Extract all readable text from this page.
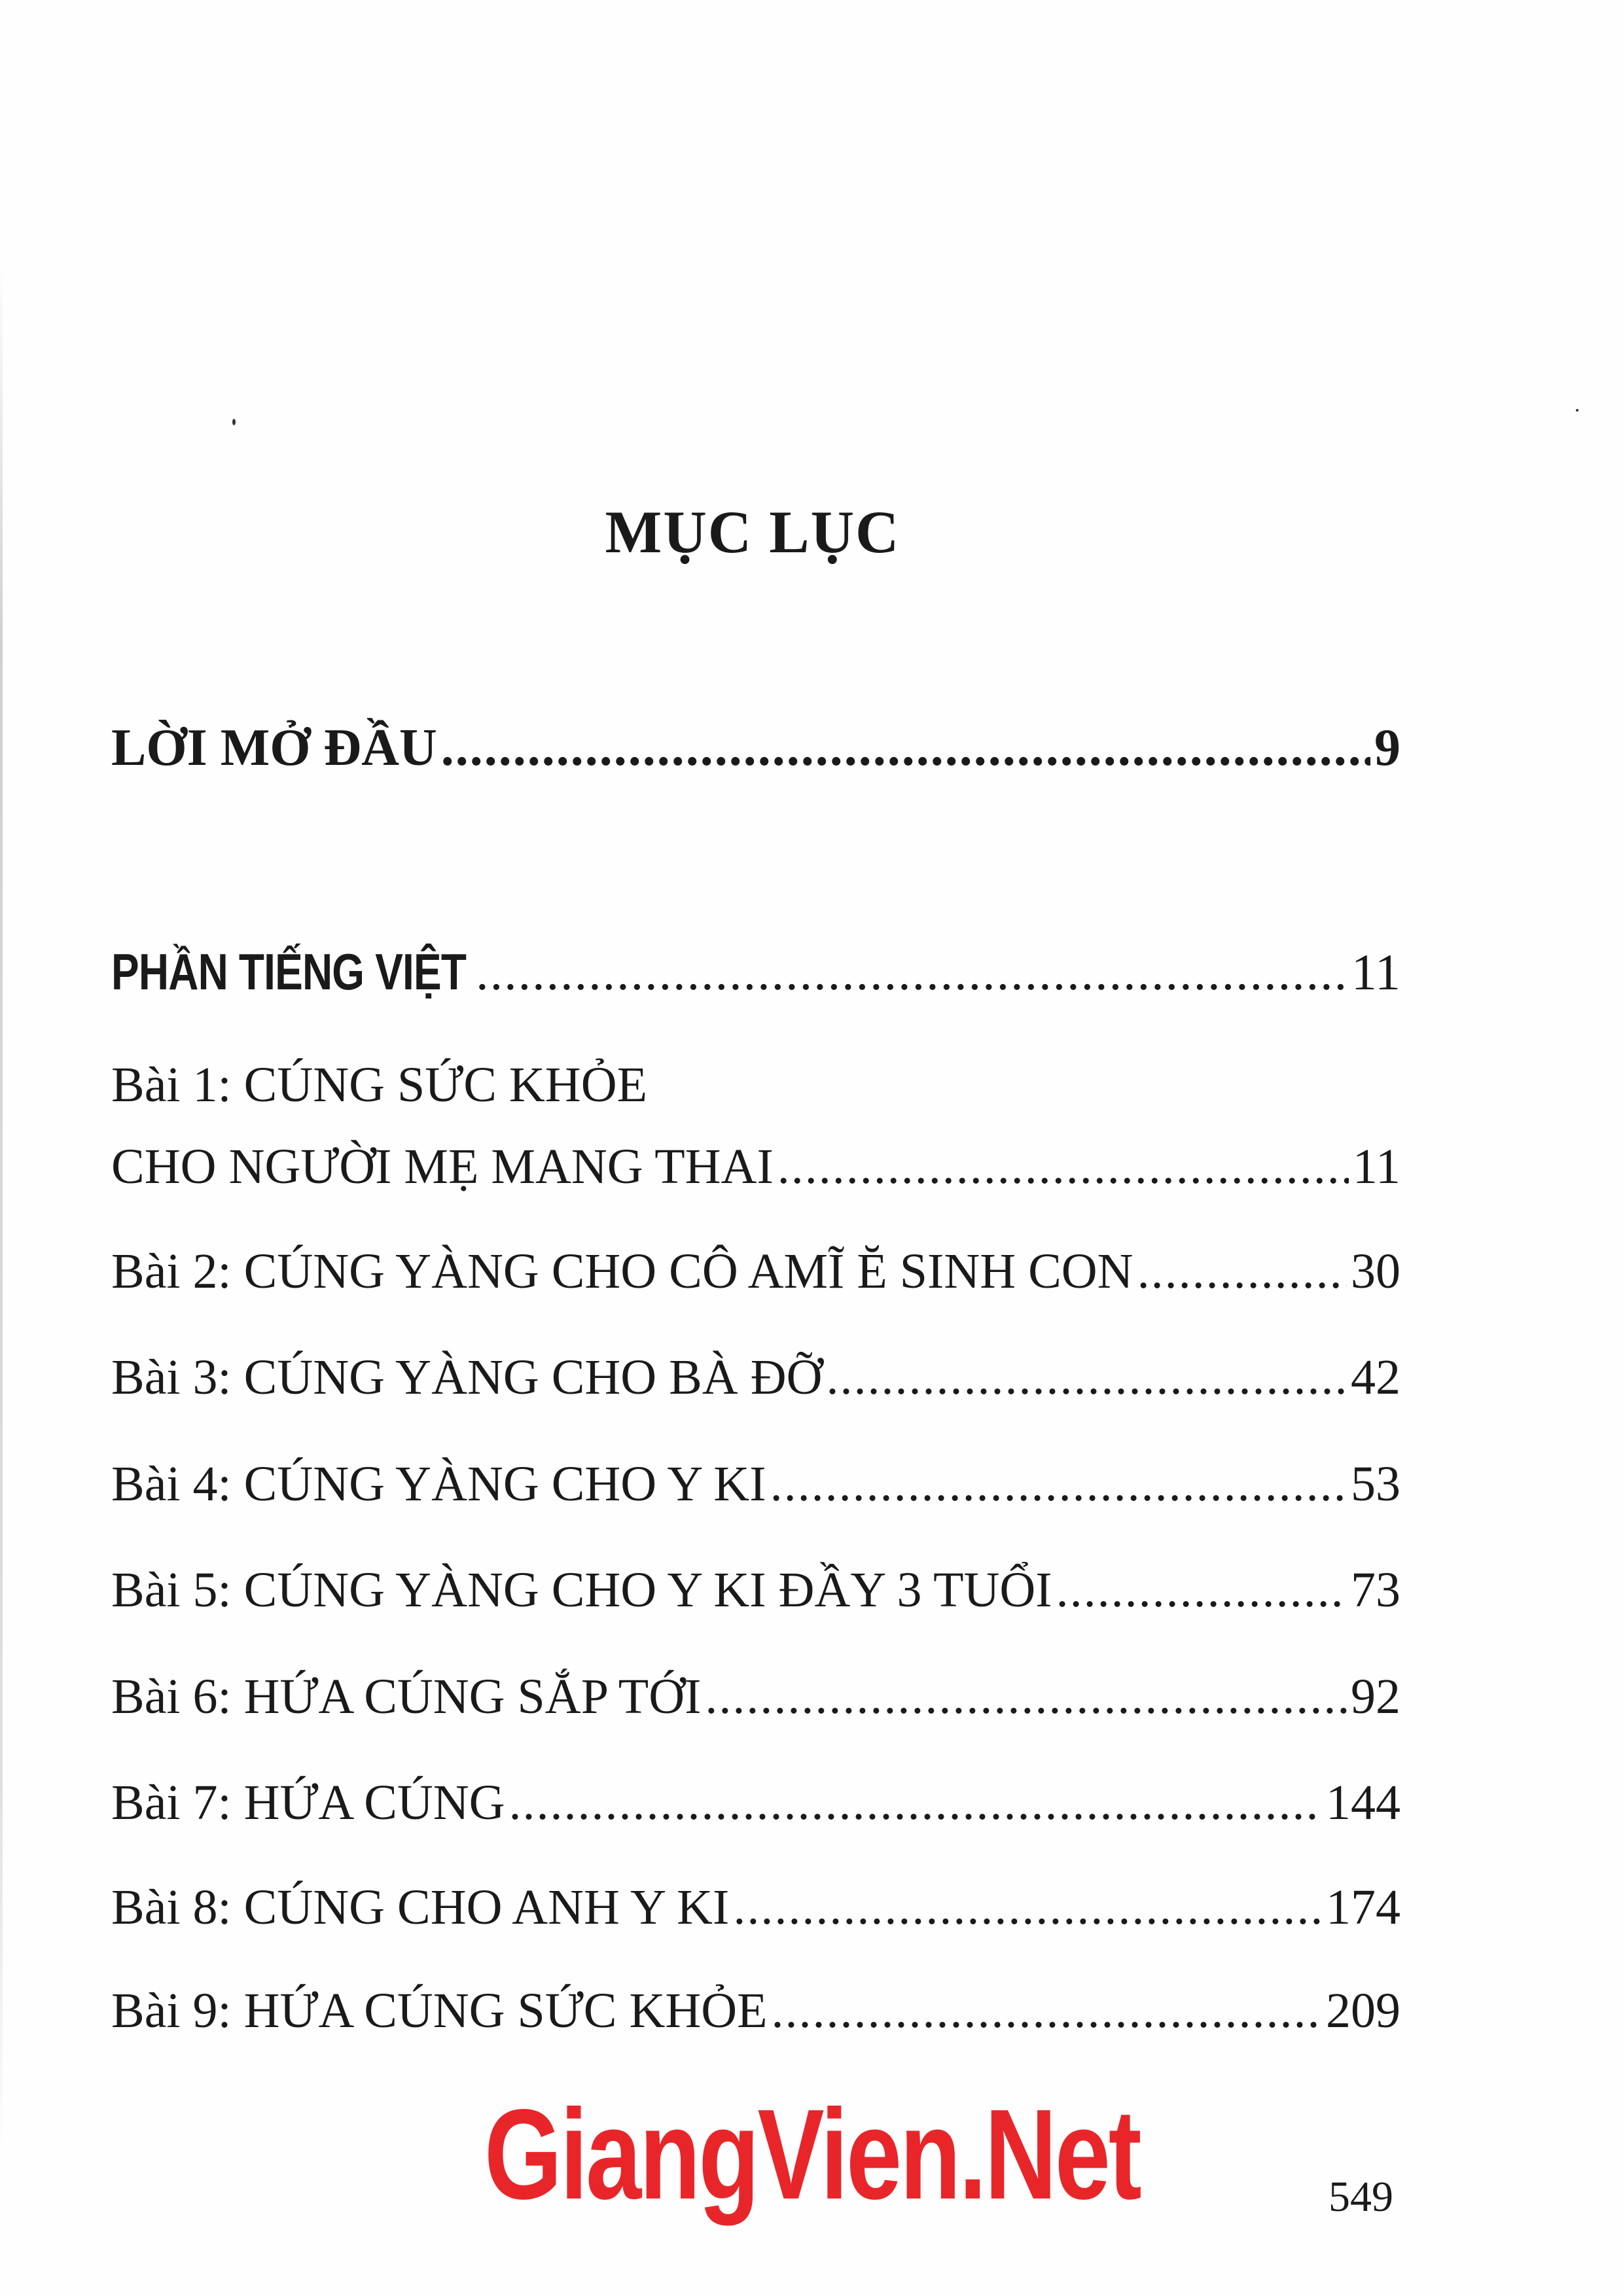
MỤC LỤC
LỜI MỞ ĐẦU .....	9
PHẦN TIẾNG VIỆT .....	11
Bài 1: CÚNG SỨC KHỎE
CHO NGƯỜI MẸ MANG THAI .....	11
Bài 2: CÚNG YÀNG CHO CÔ AMĨ Ĕ SINH CON .....	30
Bài 3: CÚNG YÀNG CHO BÀ ĐỠ .....	42
Bài 4: CÚNG YÀNG CHO Y KI .....	53
Bài 5: CÚNG YÀNG CHO Y KI ĐẦY 3 TUỔI .....	73
Bài 6: HỨA CÚNG SẮP TỚI .....	92
Bài 7: HỨA CÚNG .....	144
Bài 8: CÚNG CHO ANH Y KI .....	174
Bài 9: HỨA CÚNG SỨC KHỎE .....	209
GiangVien.Net	549
